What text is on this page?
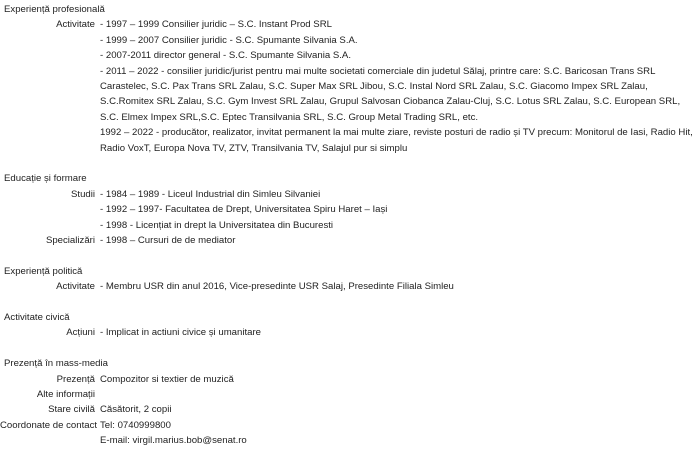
Experiență profesională
Activitate - 1997 – 1999 Consilier juridic – S.C. Instant Prod SRL
- 1999 – 2007 Consilier juridic - S.C. Spumante Silvania S.A.
- 2007-2011 director general - S.C. Spumante Silvania S.A.
- 2011 – 2022 - consilier juridic/jurist pentru mai multe societati comerciale din judetul Sălaj, printre care: S.C. Baricosan Trans SRL Carastelec, S.C. Pax Trans SRL Zalau, S.C. Super Max SRL Jibou, S.C. Instal Nord SRL Zalau, S.C. Giacomo Impex SRL Zalau, S.C.Romitex SRL Zalau, S.C. Gym Invest SRL Zalau, Grupul Salvosan Ciobanca Zalau-Cluj, S.C. Lotus SRL Zalau, S.C. European SRL, S.C. Elmex Impex SRL,S.C. Eptec Transilvania SRL, S.C. Group Metal Trading SRL, etc.
1992 – 2022 - producător, realizator, invitat permanent la mai multe ziare, reviste posturi de radio și TV precum: Monitorul de Iasi, Radio Hit, Radio VoxT, Europa Nova TV, ZTV, Transilvania TV, Salajul pur si simplu
Educație și formare
Studii - 1984 – 1989 - Liceul Industrial din Simleu Silvaniei
- 1992 – 1997- Facultatea de Drept, Universitatea Spiru Haret – Iași
- 1998 - Licențiat in drept la Universitatea din Bucuresti
Specializări - 1998 – Cursuri de de mediator
Experiență politică
Activitate - Membru USR din anul 2016, Vice-presedinte USR Salaj, Presedinte Filiala Simleu
Activitate civică
Acțiuni - Implicat in actiuni civice și umanitare
Prezență în mass-media
Prezență Compozitor si textier de muzică
Alte informații
Stare civilă Căsătorit, 2 copii
Coordonate de contact Tel: 0740999800
E-mail: virgil.marius.bob@senat.ro
